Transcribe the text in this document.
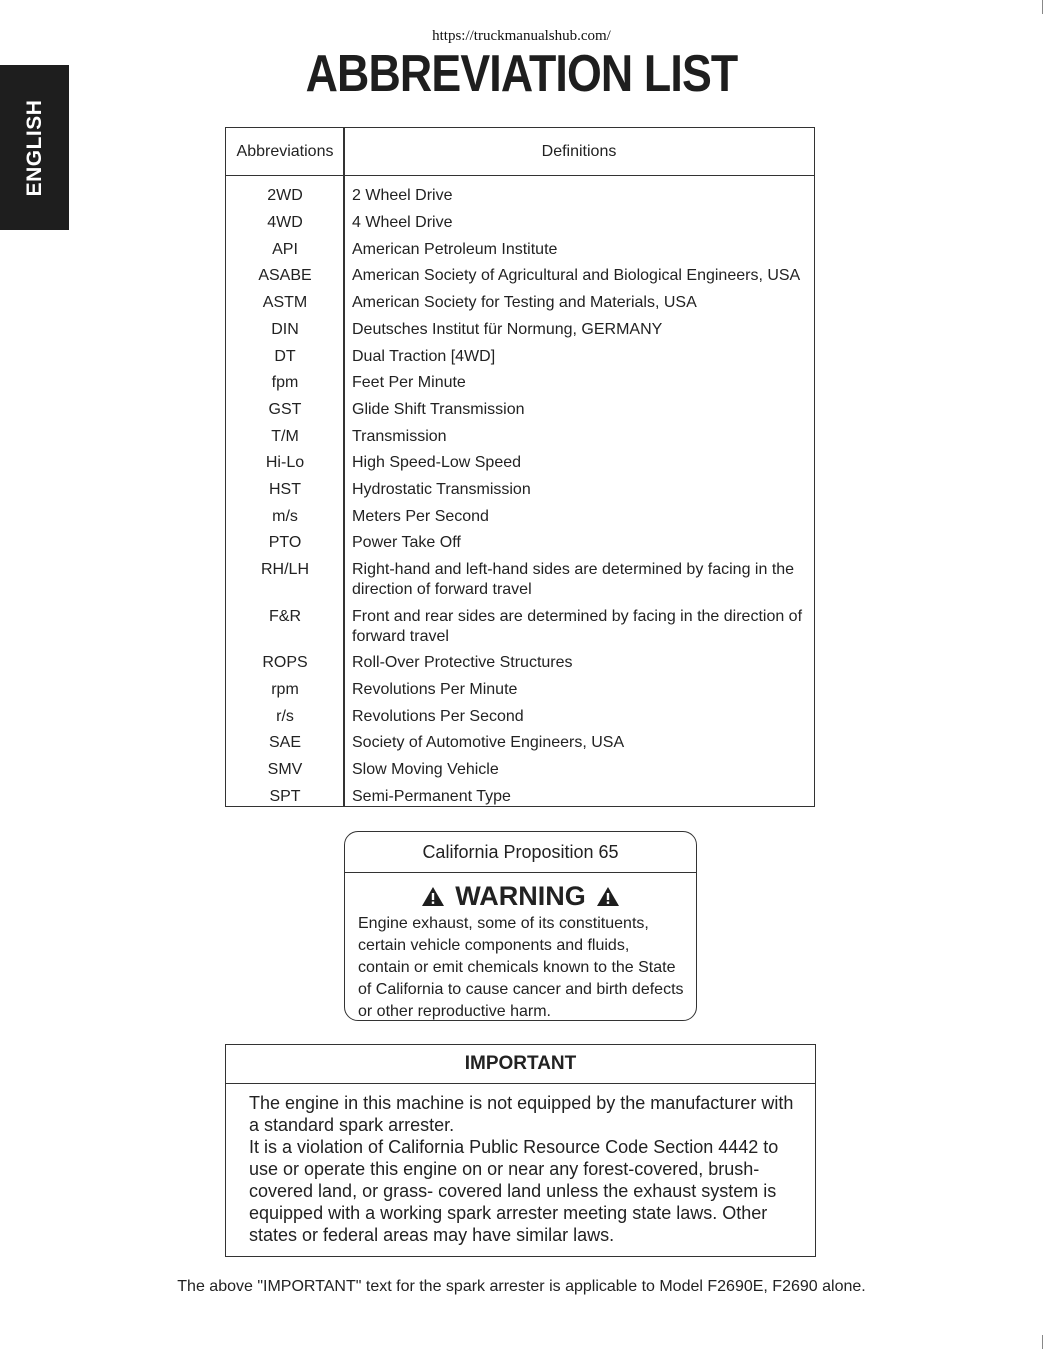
https://truckmanualshub.com/
ABBREVIATION LIST
ENGLISH	Abbreviations	Definitions
2WD	2 Wheel Drive
4WD	4 Wheel Drive
API	American Petroleum Institute
ASABE	American Society of Agricultural and Biological Engineers, USA
ASTM	American Society for Testing and Materials, USA
DIN	Deutsches Institut für Normung, GERMANY
DT	Dual Traction [4WD]
fpm	Feet Per Minute
GST	Glide Shift Transmission
T/M	Transmission
Hi-Lo	High Speed-Low Speed
HST	Hydrostatic Transmission
m/s	Meters Per Second
PTO	Power Take Off
RH/LH	Right-hand and left-hand sides are determined by facing in the direction of forward travel
F&R	Front and rear sides are determined by facing in the direction of forward travel
ROPS	Roll-Over Protective Structures
rpm	Revolutions Per Minute
r/s	Revolutions Per Second
SAE	Society of Automotive Engineers, USA
SMV	Slow Moving Vehicle
SPT	Semi-Permanent Type
California Proposition 65
WARNING
Engine exhaust, some of its constituents, certain vehicle components and fluids, contain or emit chemicals known to the State of California to cause cancer and birth defects or other reproductive harm.
IMPORTANT
The engine in this machine is not equipped by the manufacturer with a standard spark arrester.
It is a violation of California Public Resource Code Section 4442 to use or operate this engine on or near any forest-covered, brush-covered land, or grass- covered land unless the exhaust system is equipped with a working spark arrester meeting state laws. Other states or federal areas may have similar laws.
The above "IMPORTANT" text for the spark arrester is applicable to Model F2690E, F2690 alone.
